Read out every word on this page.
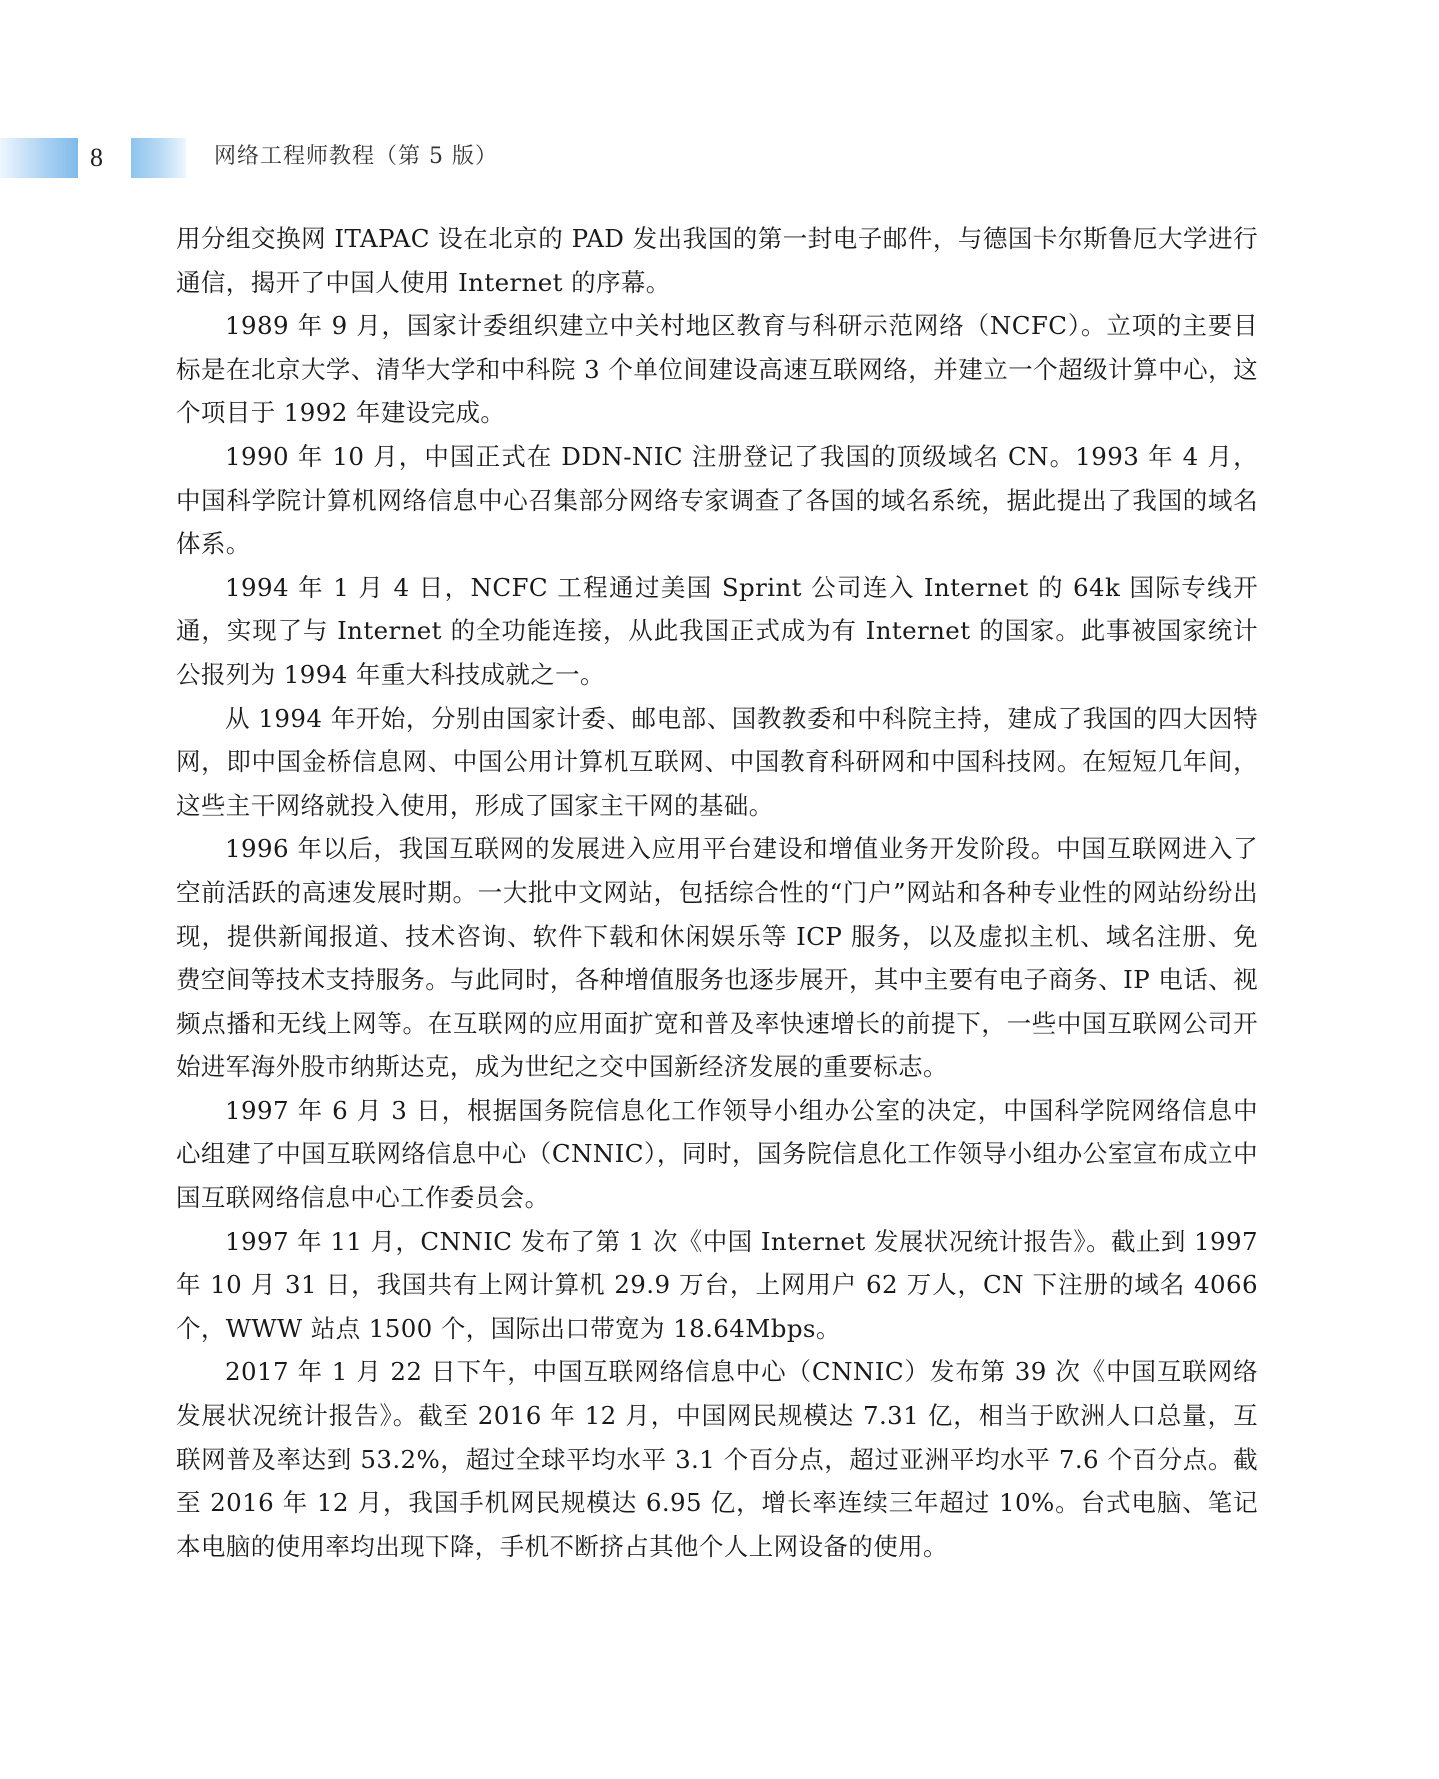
8	网络工程师教程（第 5 版）

用分组交换网 ITAPAC 设在北京的 PAD 发出我国的第一封电子邮件，与德国卡尔斯鲁厄大学进行通信，揭开了中国人使用 Internet 的序幕。

1989 年 9 月，国家计委组织建立中关村地区教育与科研示范网络（NCFC）。立项的主要目标是在北京大学、清华大学和中科院 3 个单位间建设高速互联网络，并建立一个超级计算中心，这个项目于 1992 年建设完成。

1990 年 10 月，中国正式在 DDN-NIC 注册登记了我国的顶级域名 CN。1993 年 4 月，中国科学院计算机网络信息中心召集部分网络专家调查了各国的域名系统，据此提出了我国的域名体系。

1994 年 1 月 4 日，NCFC 工程通过美国 Sprint 公司连入 Internet 的 64k 国际专线开通，实现了与 Internet 的全功能连接，从此我国正式成为有 Internet 的国家。此事被国家统计公报列为 1994 年重大科技成就之一。

从 1994 年开始，分别由国家计委、邮电部、国教教委和中科院主持，建成了我国的四大因特网，即中国金桥信息网、中国公用计算机互联网、中国教育科研网和中国科技网。在短短几年间，这些主干网络就投入使用，形成了国家主干网的基础。

1996 年以后，我国互联网的发展进入应用平台建设和增值业务开发阶段。中国互联网进入了空前活跃的高速发展时期。一大批中文网站，包括综合性的“门户”网站和各种专业性的网站纷纷出现，提供新闻报道、技术咨询、软件下载和休闲娱乐等 ICP 服务，以及虚拟主机、域名注册、免费空间等技术支持服务。与此同时，各种增值服务也逐步展开，其中主要有电子商务、IP 电话、视频点播和无线上网等。在互联网的应用面扩宽和普及率快速增长的前提下，一些中国互联网公司开始进军海外股市纳斯达克，成为世纪之交中国新经济发展的重要标志。

1997 年 6 月 3 日，根据国务院信息化工作领导小组办公室的决定，中国科学院网络信息中心组建了中国互联网络信息中心（CNNIC），同时，国务院信息化工作领导小组办公室宣布成立中国互联网络信息中心工作委员会。

1997 年 11 月，CNNIC 发布了第 1 次《中国 Internet 发展状况统计报告》。截止到 1997 年 10 月 31 日，我国共有上网计算机 29.9 万台，上网用户 62 万人，CN 下注册的域名 4066 个，WWW 站点 1500 个，国际出口带宽为 18.64Mbps。

2017 年 1 月 22 日下午，中国互联网络信息中心（CNNIC）发布第 39 次《中国互联网络发展状况统计报告》。截至 2016 年 12 月，中国网民规模达 7.31 亿，相当于欧洲人口总量，互联网普及率达到 53.2%，超过全球平均水平 3.1 个百分点，超过亚洲平均水平 7.6 个百分点。截至 2016 年 12 月，我国手机网民规模达 6.95 亿，增长率连续三年超过 10%。台式电脑、笔记本电脑的使用率均出现下降，手机不断挤占其他个人上网设备的使用。
